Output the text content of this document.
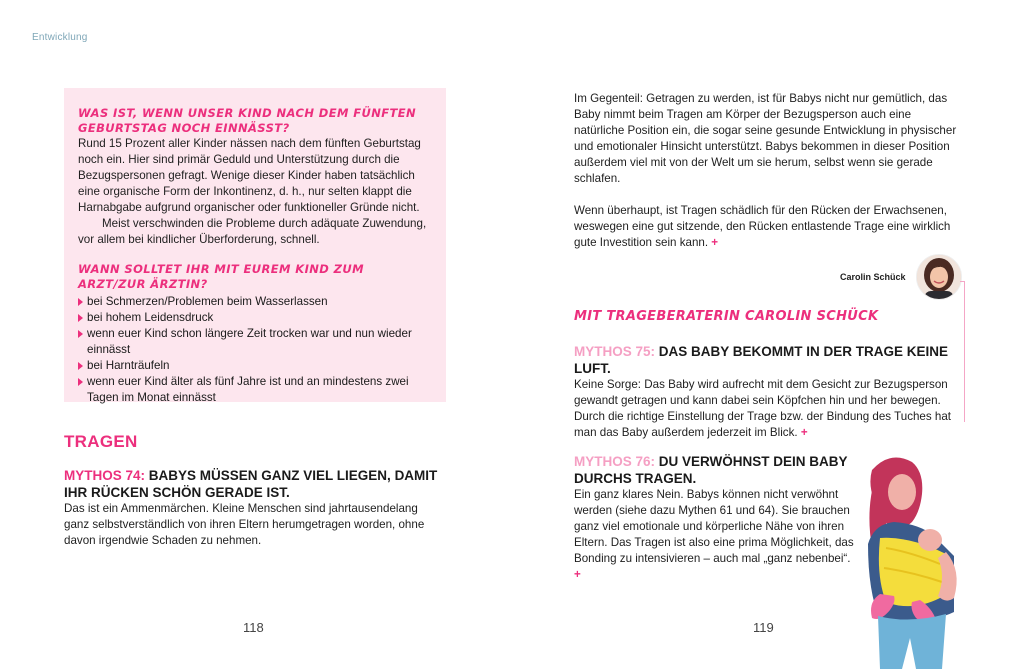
Entwicklung
WAS IST, WENN UNSER KIND NACH DEM FÜNFTEN
GEBURTSTAG NOCH EINNÄSST?
Rund 15 Prozent aller Kinder nässen nach dem fünften Geburtstag noch ein. Hier sind primär Geduld und Unterstützung durch die Bezugspersonen gefragt. Wenige dieser Kinder haben tatsächlich eine organische Form der Inkontinenz, d. h., nur selten klappt die Harnabgabe aufgrund organischer oder funktioneller Gründe nicht.
Meist verschwinden die Probleme durch adäquate Zuwendung, vor allem bei kindlicher Überforderung, schnell.
WANN SOLLTET IHR MIT EUREM KIND ZUM ARZT/ZUR ÄRZTIN?
bei Schmerzen/Problemen beim Wasserlassen
bei hohem Leidensdruck
wenn euer Kind schon längere Zeit trocken war und nun wieder einnässt
bei Harnträufeln
wenn euer Kind älter als fünf Jahre ist und an mindestens zwei Tagen im Monat einnässt
TRAGEN
MYTHOS 74: BABYS MÜSSEN GANZ VIEL LIEGEN, DAMIT IHR RÜCKEN SCHÖN GERADE IST.
Das ist ein Ammenmärchen. Kleine Menschen sind jahrtausendelang ganz selbstverständlich von ihren Eltern herumgetragen worden, ohne davon irgendwie Schaden zu nehmen.
118
Im Gegenteil: Getragen zu werden, ist für Babys nicht nur gemütlich, das Baby nimmt beim Tragen am Körper der Bezugsperson auch eine natürliche Position ein, die sogar seine gesunde Entwicklung in physischer und emotionaler Hinsicht unterstützt. Babys bekommen in dieser Position außerdem viel mit von der Welt um sie herum, selbst wenn sie gerade schlafen.
Wenn überhaupt, ist Tragen schädlich für den Rücken der Erwachsenen, weswegen eine gut sitzende, den Rücken entlastende Trage eine wirklich gute Investition sein kann. +
Carolin Schück
MIT TRAGEBERATERIN CAROLIN SCHÜCK
MYTHOS 75: DAS BABY BEKOMMT IN DER TRAGE KEINE LUFT.
Keine Sorge: Das Baby wird aufrecht mit dem Gesicht zur Bezugsperson gewandt getragen und kann dabei sein Köpfchen hin und her bewegen. Durch die richtige Einstellung der Trage bzw. der Bindung des Tuches hat man das Baby außerdem jederzeit im Blick. +
MYTHOS 76: DU VERWÖHNST DEIN BABY DURCHS TRAGEN.
Ein ganz klares Nein. Babys können nicht verwöhnt werden (siehe dazu Mythen 61 und 64). Sie brauchen ganz viel emotionale und körperliche Nähe von ihren Eltern. Das Tragen ist also eine prima Möglichkeit, das Bonding zu intensivieren – auch mal „ganz nebenbei“. +
119
